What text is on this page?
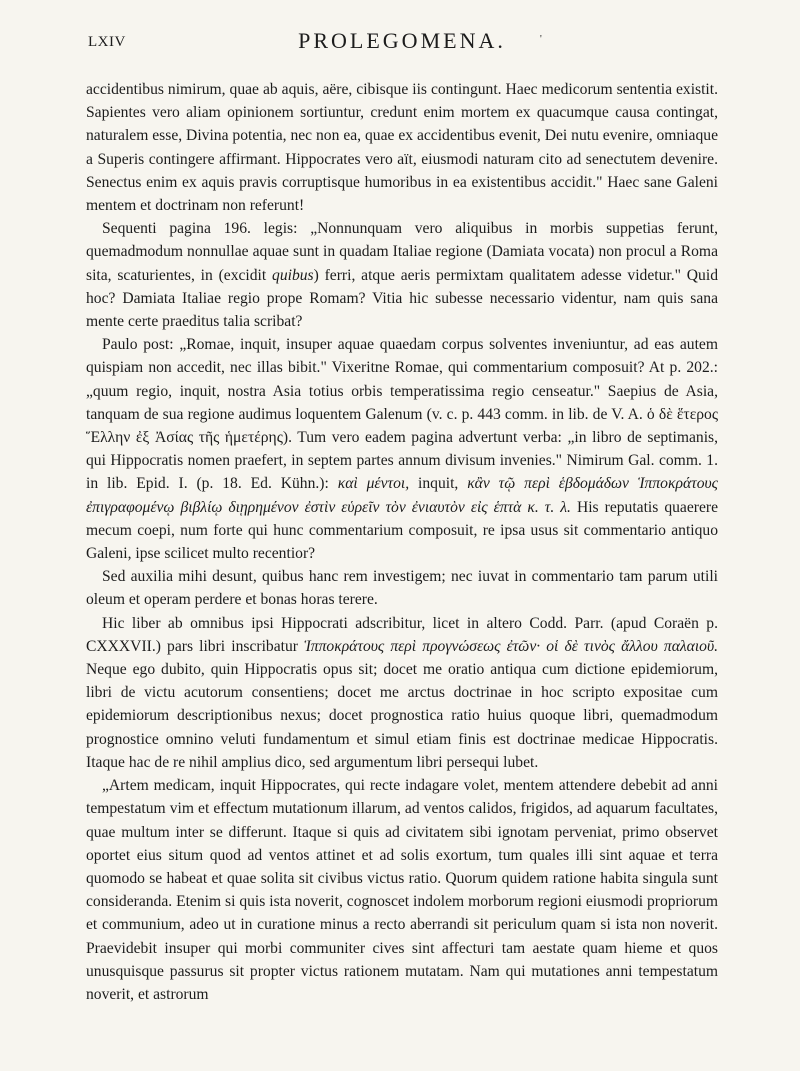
LXIV	PROLEGOMENA.	'

accidentibus nimirum, quae ab aquis, aëre, cibisque iis contingunt. Haec medicorum sententia existit. Sapientes vero aliam opinionem sortiuntur, credunt enim mortem ex quacumque causa contingat, naturalem esse, Divina potentia, nec non ea, quae ex accidentibus evenit, Dei nutu evenire, omniaque a Superis contingere affirmant. Hippocrates vero aït, eiusmodi naturam cito ad senectutem devenire. Senectus enim ex aquis pravis corruptisque humoribus in ea existentibus accidit." Haec sane Galeni mentem et doctrinam non referunt!

Sequenti pagina 196. legis: „Nonnunquam vero aliquibus in morbis suppetias ferunt, quemadmodum nonnullae aquae sunt in quadam Italiae regione (Damiata vocata) non procul a Roma sita, scaturientes, in (excidit quibus) ferri, atque aeris permixtam qualitatem adesse videtur." Quid hoc? Damiata Italiae regio prope Romam? Vitia hic subesse necessario videntur, nam quis sana mente certe praeditus talia scribat?

Paulo post: „Romae, inquit, insuper aquae quaedam corpus solventes inveniuntur, ad eas autem quispiam non accedit, nec illas bibit." Vixeritne Romae, qui commentarium composuit? At p. 202.: „quum regio, inquit, nostra Asia totius orbis temperatissima regio censeatur." Saepius de Asia, tanquam de sua regione audimus loquentem Galenum (v. c. p. 443 comm. in lib. de V. A. ὁ δὲ ἕτερος Ἕλλην ἐξ Ἀσίας τῆς ἡμετέρης). Tum vero eadem pagina advertunt verba: „in libro de septimanis, qui Hippocratis nomen praefert, in septem partes annum divisum invenies." Nimirum Gal. comm. 1. in lib. Epid. I. (p. 18. Ed. Kühn.): καὶ μέντοι, inquit, κἂν τῷ περὶ ἑβδομάδων Ἱπποκράτους ἐπιγραφομένῳ βιβλίῳ διῃρημένον ἐστὶν εὑρεῖν τὸν ἐνιαυτὸν εἰς ἑπτὰ κ. τ. λ. His reputatis quaerere mecum coepi, num forte qui hunc commentarium composuit, re ipsa usus sit commentario antiquo Galeni, ipse scilicet multo recentior?

Sed auxilia mihi desunt, quibus hanc rem investigem; nec iuvat in commentario tam parum utili oleum et operam perdere et bonas horas terere.

Hic liber ab omnibus ipsi Hippocrati adscribitur, licet in altero Codd. Parr. (apud Coraën p. CXXXVII.) pars libri inscribatur Ἱπποκράτους περὶ προγνώσεως ἐτῶν· οἱ δὲ τινὸς ἄλλου παλαιοῦ. Neque ego dubito, quin Hippocratis opus sit; docet me oratio antiqua cum dictione epidemiorum, libri de victu acutorum consentiens; docet me arctus doctrinae in hoc scripto expositae cum epidemiorum descriptionibus nexus; docet prognostica ratio huius quoque libri, quemadmodum prognostice omnino veluti fundamentum et simul etiam finis est doctrinae medicae Hippocratis. Itaque hac de re nihil amplius dico, sed argumentum libri persequi lubet.

„Artem medicam, inquit Hippocrates, qui recte indagare volet, mentem attendere debebit ad anni tempestatum vim et effectum mutationum illarum, ad ventos calidos, frigidos, ad aquarum facultates, quae multum inter se differunt. Itaque si quis ad civitatem sibi ignotam perveniat, primo observet oportet eius situm quod ad ventos attinet et ad solis exortum, tum quales illi sint aquae et terra quomodo se habeat et quae solita sit civibus victus ratio. Quorum quidem ratione habita singula sunt consideranda. Etenim si quis ista noverit, cognoscet indolem morborum regioni eiusmodi propriorum et communium, adeo ut in curatione minus a recto aberrandi sit periculum quam si ista non noverit. Praevidebit insuper qui morbi communiter cives sint affecturi tam aestate quam hieme et quos unusquisque passurus sit propter victus rationem mutatam. Nam qui mutationes anni tempestatum noverit, et astrorum
